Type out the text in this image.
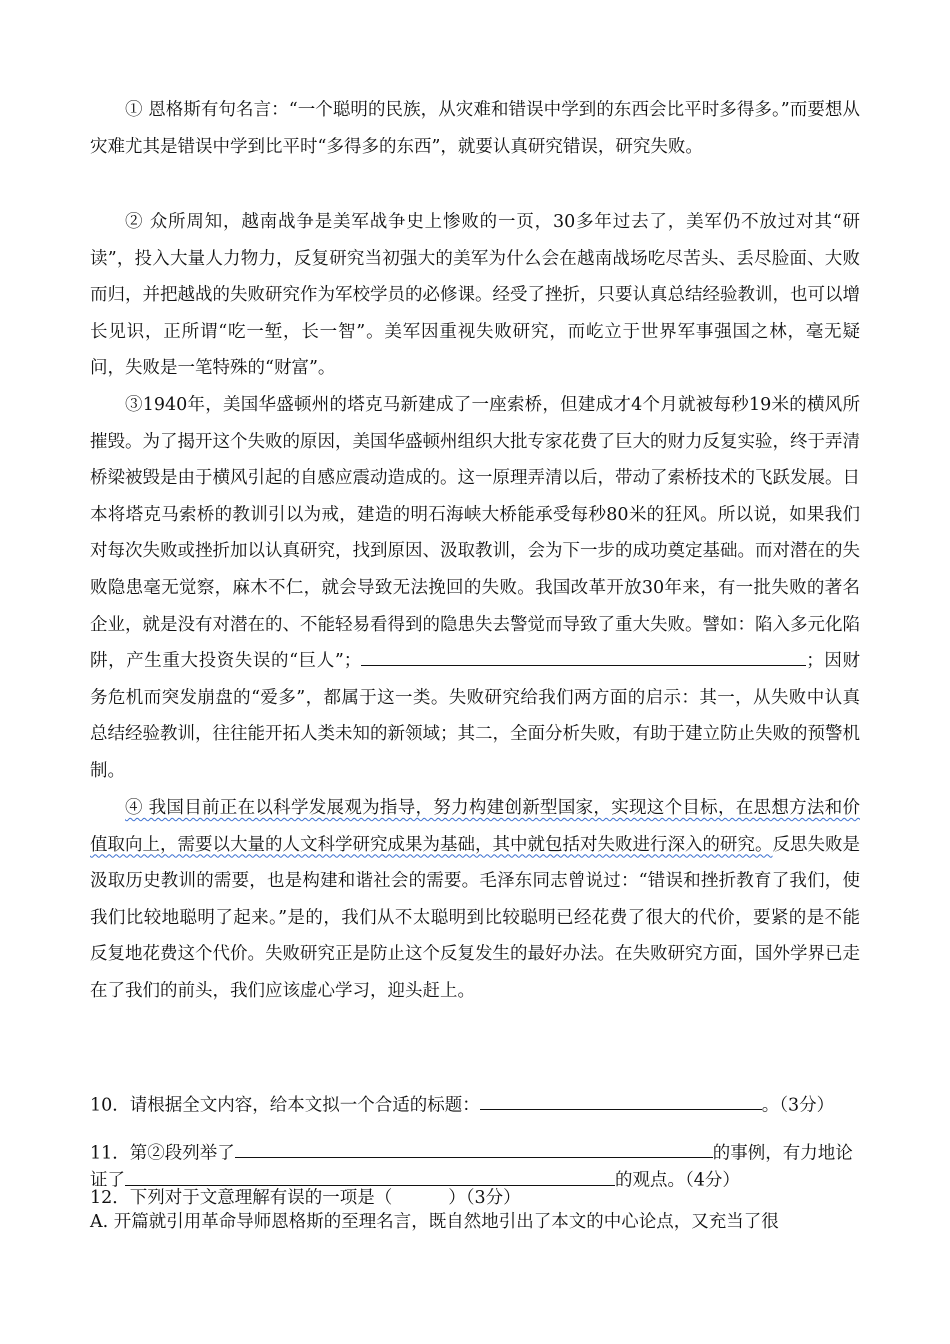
① 恩格斯有句名言：“一个聪明的民族，从灾难和错误中学到的东西会比平时多得多。”而要想从灾难尤其是错误中学到比平时“多得多的东西”，就要认真研究错误，研究失败。

② 众所周知，越南战争是美军战争史上惨败的一页，30多年过去了，美军仍不放过对其“研读”，投入大量人力物力，反复研究当初强大的美军为什么会在越南战场吃尽苦头、丢尽脸面、大败而归，并把越战的失败研究作为军校学员的必修课。经受了挫折，只要认真总结经验教训，也可以增长见识，正所谓“吃一堑，长一智”。美军因重视失败研究，而屹立于世界军事强国之林，毫无疑问，失败是一笔特殊的“财富”。

③1940年，美国华盛顿州的塔克马新建成了一座索桥，但建成才4个月就被每秒19米的横风所摧毁。为了揭开这个失败的原因，美国华盛顿州组织大批专家花费了巨大的财力反复实验，终于弄清桥梁被毁是由于横风引起的自感应震动造成的。这一原理弄清以后，带动了索桥技术的飞跃发展。日本将塔克马索桥的教训引以为戒，建造的明石海峡大桥能承受每秒80米的狂风。所以说，如果我们对每次失败或挫折加以认真研究，找到原因、汲取教训，会为下一步的成功奠定基础。而对潜在的失败隐患毫无觉察，麻木不仁，就会导致无法挽回的失败。我国改革开放30年来，有一批失败的著名企业，就是没有对潜在的、不能轻易看得到的隐患失去警觉而导致了重大失败。譬如：陷入多元化陷阱，产生重大投资失误的“巨人”；	；因财务危机而突发崩盘的“爱多”，都属于这一类。失败研究给我们两方面的启示：其一，从失败中认真总结经验教训，往往能开拓人类未知的新领域；其二，全面分析失败，有助于建立防止失败的预警机制。

④ 我国目前正在以科学发展观为指导，努力构建创新型国家，实现这个目标，在思想方法和价值取向上，需要以大量的人文科学研究成果为基础，其中就包括对失败进行深入的研究。反思失败是汲取历史教训的需要，也是构建和谐社会的需要。毛泽东同志曾说过：“错误和挫折教育了我们，使我们比较地聪明了起来。”是的，我们从不太聪明到比较聪明已经花费了很大的代价，要紧的是不能反复地花费这个代价。失败研究正是防止这个反复发生的最好办法。在失败研究方面，国外学界已走在了我们的前头，我们应该虚心学习，迎头赶上。

10．请根据全文内容，给本文拟一个合适的标题：	。（3分）

11．第②段列举了	的事例，有力地论证了	的观点。（4分）

12．下列对于文意理解有误的一项是（	）（3分）

A. 开篇就引用革命导师恩格斯的至理名言，既自然地引出了本文的中心论点，又充当了很
